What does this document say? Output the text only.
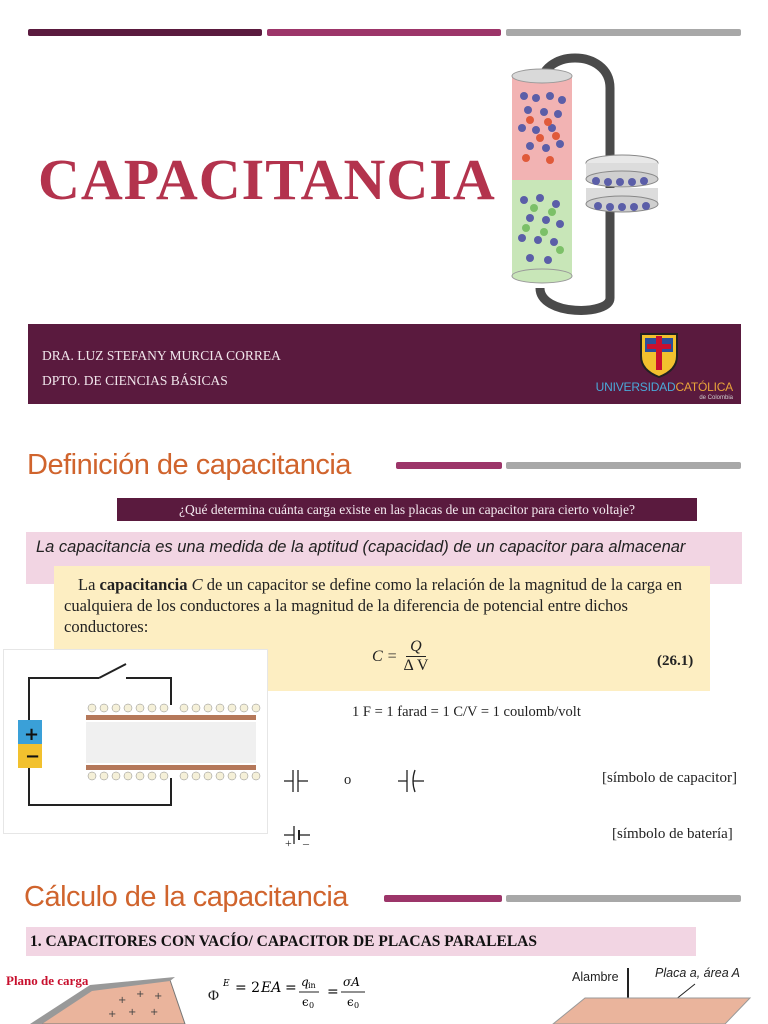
CAPACITANCIA
DRA. LUZ STEFANY MURCIA CORREA
DPTO. DE CIENCIAS BÁSICAS	UNIVERSIDADCATÓLICA
de Colombia
Definición de capacitancia
¿Qué determina cuánta carga existe en las placas de un capacitor para cierto voltaje?
La capacitancia es una medida de la aptitud (capacidad) de un capacitor para almacenar

La capacitancia C de un capacitor se define como la relación de la magnitud de la carga en cualquiera de los conductores a la magnitud de la diferencia de potencial entre dichos conductores:

$C = \frac{Q}{\text{Δ V}}$	(26.1)
+
−
1 F = 1 farad = 1 C/V = 1 coulomb/volt
o	[símbolo de capacitor]
+ –
[símbolo de batería]
Cálculo de la capacitancia
1. CAPACITORES CON VACÍO/ CAPACITOR DE PLACAS PARALELAS
Plano de carga
+
+ +
+ + +
Φ
E = 2 EA = q in
ϵ 0
=
σA
ϵ 0
Alambre	Placa a, área A
